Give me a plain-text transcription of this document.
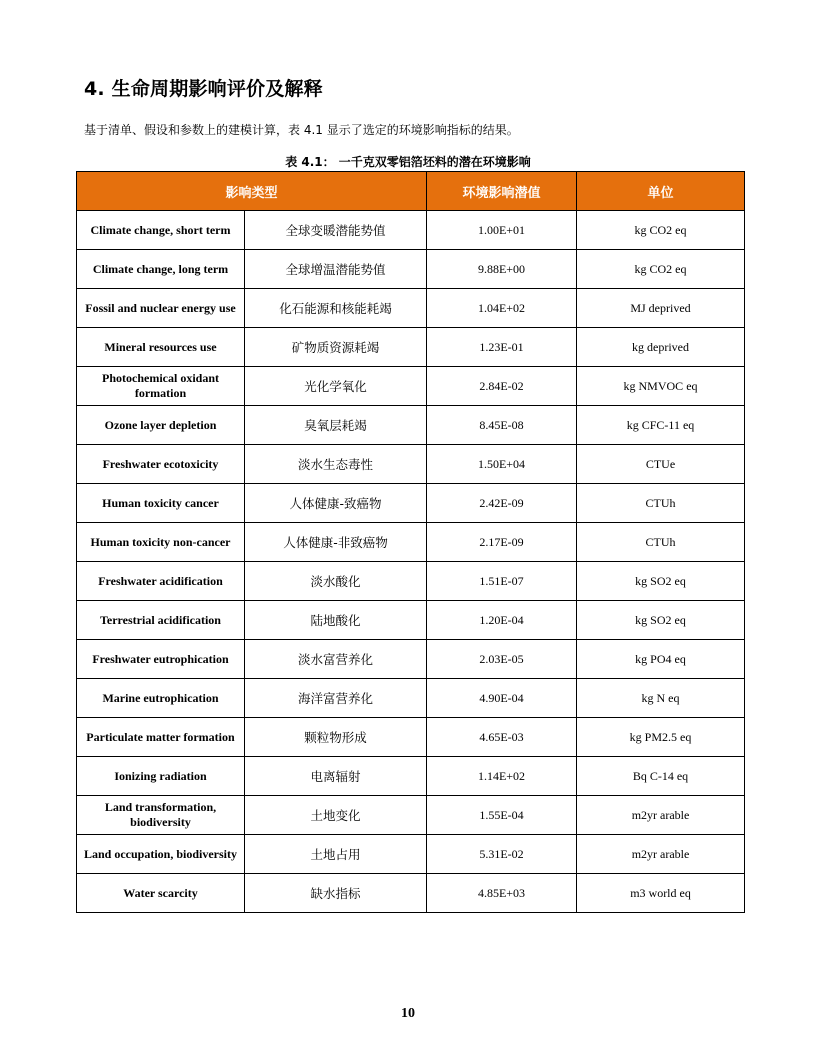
4. 生命周期影响评价及解释
基于清单、假设和参数上的建模计算，表 4.1 显示了选定的环境影响指标的结果。
表 4.1： 一千克双零铝箔坯料的潜在环境影响
影响类型		环境影响潜值	单位
Climate change, short term	全球变暖潜能势值	1.00E+01	kg CO2 eq
Climate change, long term	全球增温潜能势值	9.88E+00	kg CO2 eq
Fossil and nuclear energy use	化石能源和核能耗竭	1.04E+02	MJ deprived
Mineral resources use	矿物质资源耗竭	1.23E-01	kg deprived
Photochemical oxidant formation	光化学氧化	2.84E-02	kg NMVOC eq
Ozone layer depletion	臭氧层耗竭	8.45E-08	kg CFC-11 eq
Freshwater ecotoxicity	淡水生态毒性	1.50E+04	CTUe
Human toxicity cancer	人体健康-致癌物	2.42E-09	CTUh
Human toxicity non-cancer	人体健康-非致癌物	2.17E-09	CTUh
Freshwater acidification	淡水酸化	1.51E-07	kg SO2 eq
Terrestrial acidification	陆地酸化	1.20E-04	kg SO2 eq
Freshwater eutrophication	淡水富营养化	2.03E-05	kg PO4 eq
Marine eutrophication	海洋富营养化	4.90E-04	kg N eq
Particulate matter formation	颗粒物形成	4.65E-03	kg PM2.5 eq
Ionizing radiation	电离辐射	1.14E+02	Bq C-14 eq
Land transformation, biodiversity	土地变化	1.55E-04	m2yr arable
Land occupation, biodiversity	土地占用	5.31E-02	m2yr arable
Water scarcity	缺水指标	4.85E+03	m3 world eq
10
